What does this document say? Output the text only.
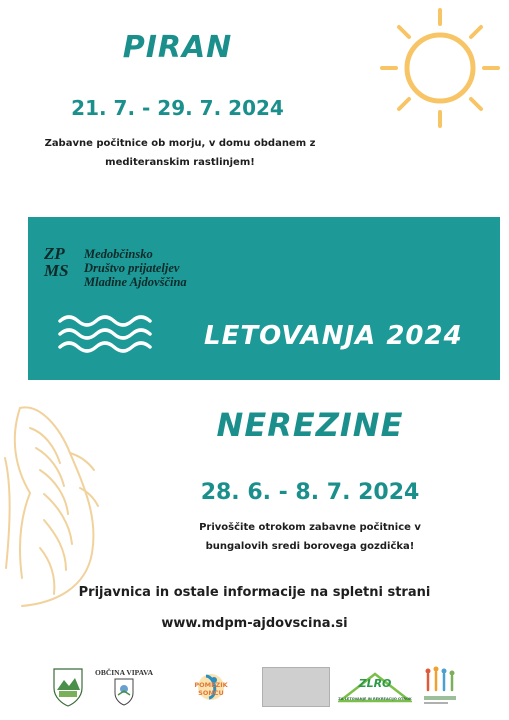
PIRAN
21. 7. - 29. 7. 2024
Zabavne počitnice ob morju, v domu obdanem z
mediteranskim rastlinjem!
ZP
MS
Medobčinsko
Društvo prijateljev
Mladine Ajdovščina
LETOVANJA 2024
NEREZINE
28. 6. - 8. 7. 2024
Privoščite otrokom zabavne počitnice v
bungalovih sredi borovega gozdička!
Prijavnica in ostale informacije na spletni strani
www.mdpm-ajdovscina.si
OBČINA VIPAVA
POMEZIK SONCU
ZLRO
ZA LETOVANJE IN REKREACIJO OTROK
